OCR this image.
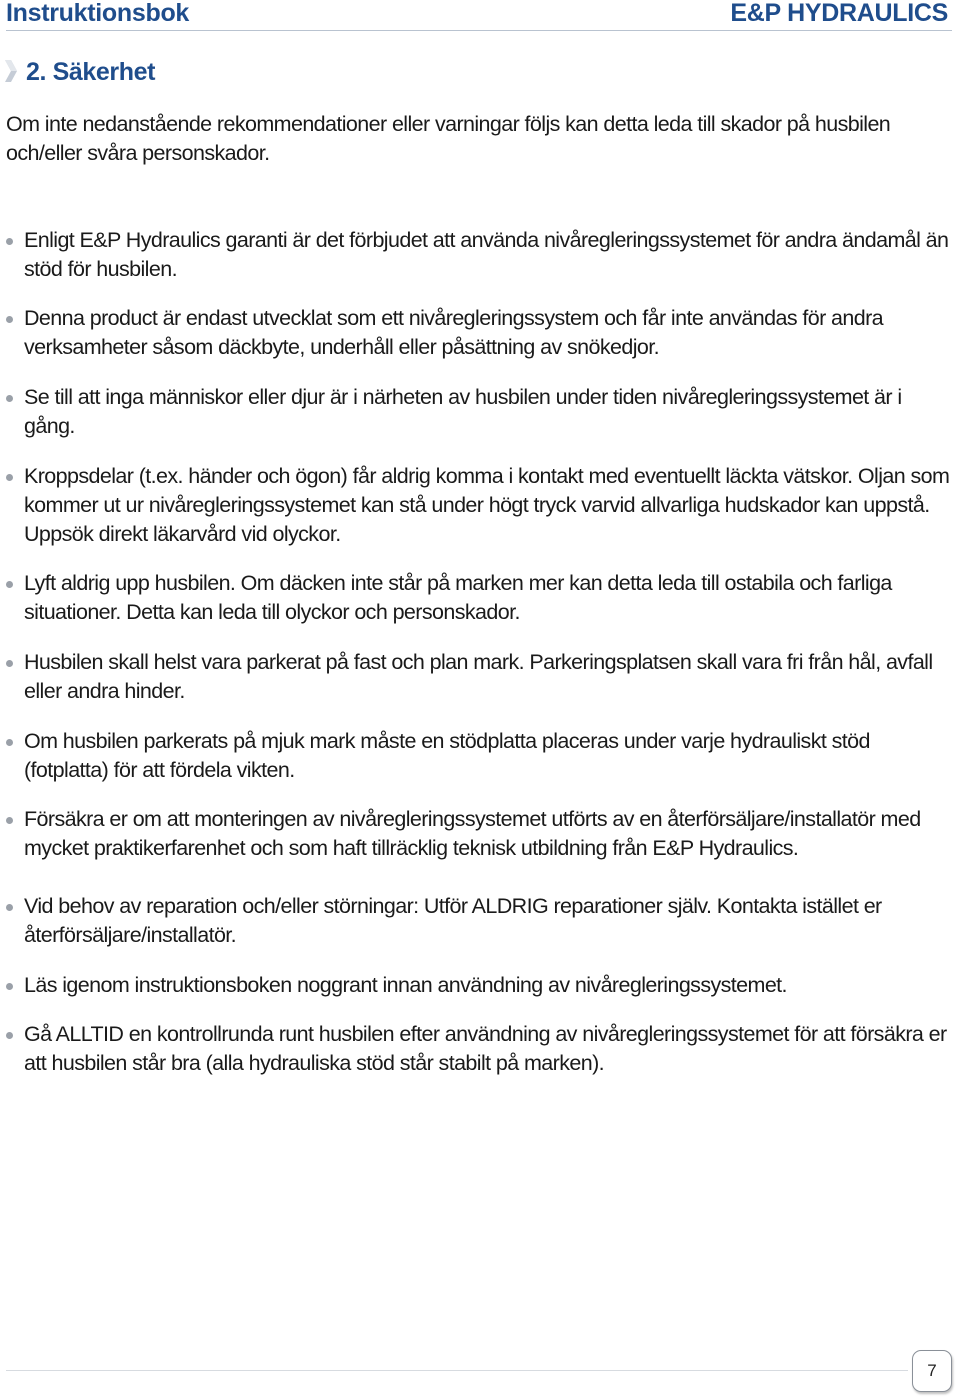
Instruktionsbok	E&P HYDRAULICS
2. Säkerhet

Om inte nedanstående rekommendationer eller varningar följs kan detta leda till skador på husbilen och/eller svåra personskador.

Enligt E&P Hydraulics garanti är det förbjudet att använda nivåregleringssystemet för andra ändamål än stöd för husbilen.
Denna product är endast utvecklat som ett nivåregleringssystem och får inte användas för andra verksamheter såsom däckbyte, underhåll eller påsättning av snökedjor.
Se till att inga människor eller djur är i närheten av husbilen under tiden nivåregleringssystemet är i gång.
Kroppsdelar (t.ex. händer och ögon) får aldrig komma i kontakt med eventuellt läckta vätskor. Oljan som kommer ut ur nivåregleringssystemet kan stå under högt tryck varvid allvarliga hudskador kan uppstå. Uppsök direkt läkarvård vid olyckor.
Lyft aldrig upp husbilen. Om däcken inte står på marken mer kan detta leda till ostabila och farliga situationer. Detta kan leda till olyckor och personskador.
Husbilen skall helst vara parkerat på fast och plan mark. Parkeringsplatsen skall vara fri från hål, avfall eller andra hinder.
Om husbilen parkerats på mjuk mark måste en stödplatta placeras under varje hydrauliskt stöd (fotplatta) för att fördela vikten.
Försäkra er om att monteringen av nivåregleringssystemet utförts av en återförsäljare/installatör med mycket praktikerfarenhet och som haft tillräcklig teknisk utbildning från E&P Hydraulics.
Vid behov av reparation och/eller störningar: Utför ALDRIG reparationer själv. Kontakta istället er återförsäljare/installatör.
Läs igenom instruktionsboken noggrant innan användning av nivåregleringssystemet.
Gå ALLTID en kontrollrunda runt husbilen efter användning av nivåregleringssystemet för att försäkra er att husbilen står bra (alla hydrauliska stöd står stabilt på marken).
7
